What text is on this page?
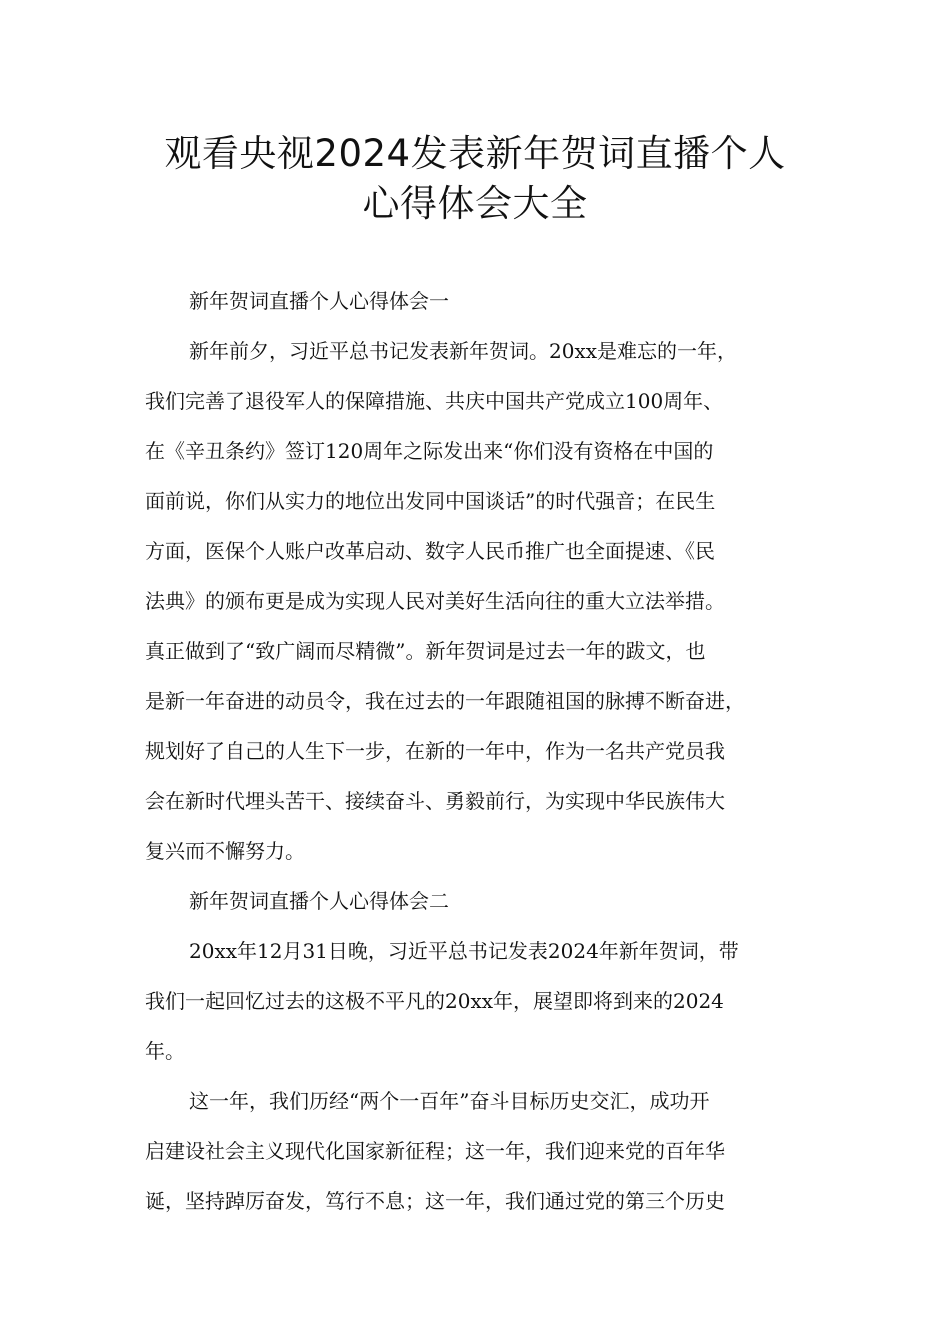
观看央视2024发表新年贺词直播个人
心得体会大全
新年贺词直播个人心得体会一
新年前夕，习近平总书记发表新年贺词。20xx是难忘的一年，
我们完善了退役军人的保障措施、共庆中国共产党成立100周年、
在《辛丑条约》签订120周年之际发出来“你们没有资格在中国的
面前说，你们从实力的地位出发同中国谈话”的时代强音；在民生
方面，医保个人账户改革启动、数字人民币推广也全面提速、《民
法典》的颁布更是成为实现人民对美好生活向往的重大立法举措。
真正做到了“致广阔而尽精微”。新年贺词是过去一年的跋文，也
是新一年奋进的动员令，我在过去的一年跟随祖国的脉搏不断奋进，
规划好了自己的人生下一步，在新的一年中，作为一名共产党员我
会在新时代埋头苦干、接续奋斗、勇毅前行，为实现中华民族伟大
复兴而不懈努力。
新年贺词直播个人心得体会二
20xx年12月31日晚，习近平总书记发表2024年新年贺词，带
我们一起回忆过去的这极不平凡的20xx年，展望即将到来的2024
年。
这一年，我们历经“两个一百年”奋斗目标历史交汇，成功开
启建设社会主义现代化国家新征程；这一年，我们迎来党的百年华
诞，坚持踔厉奋发，笃行不息；这一年，我们通过党的第三个历史
